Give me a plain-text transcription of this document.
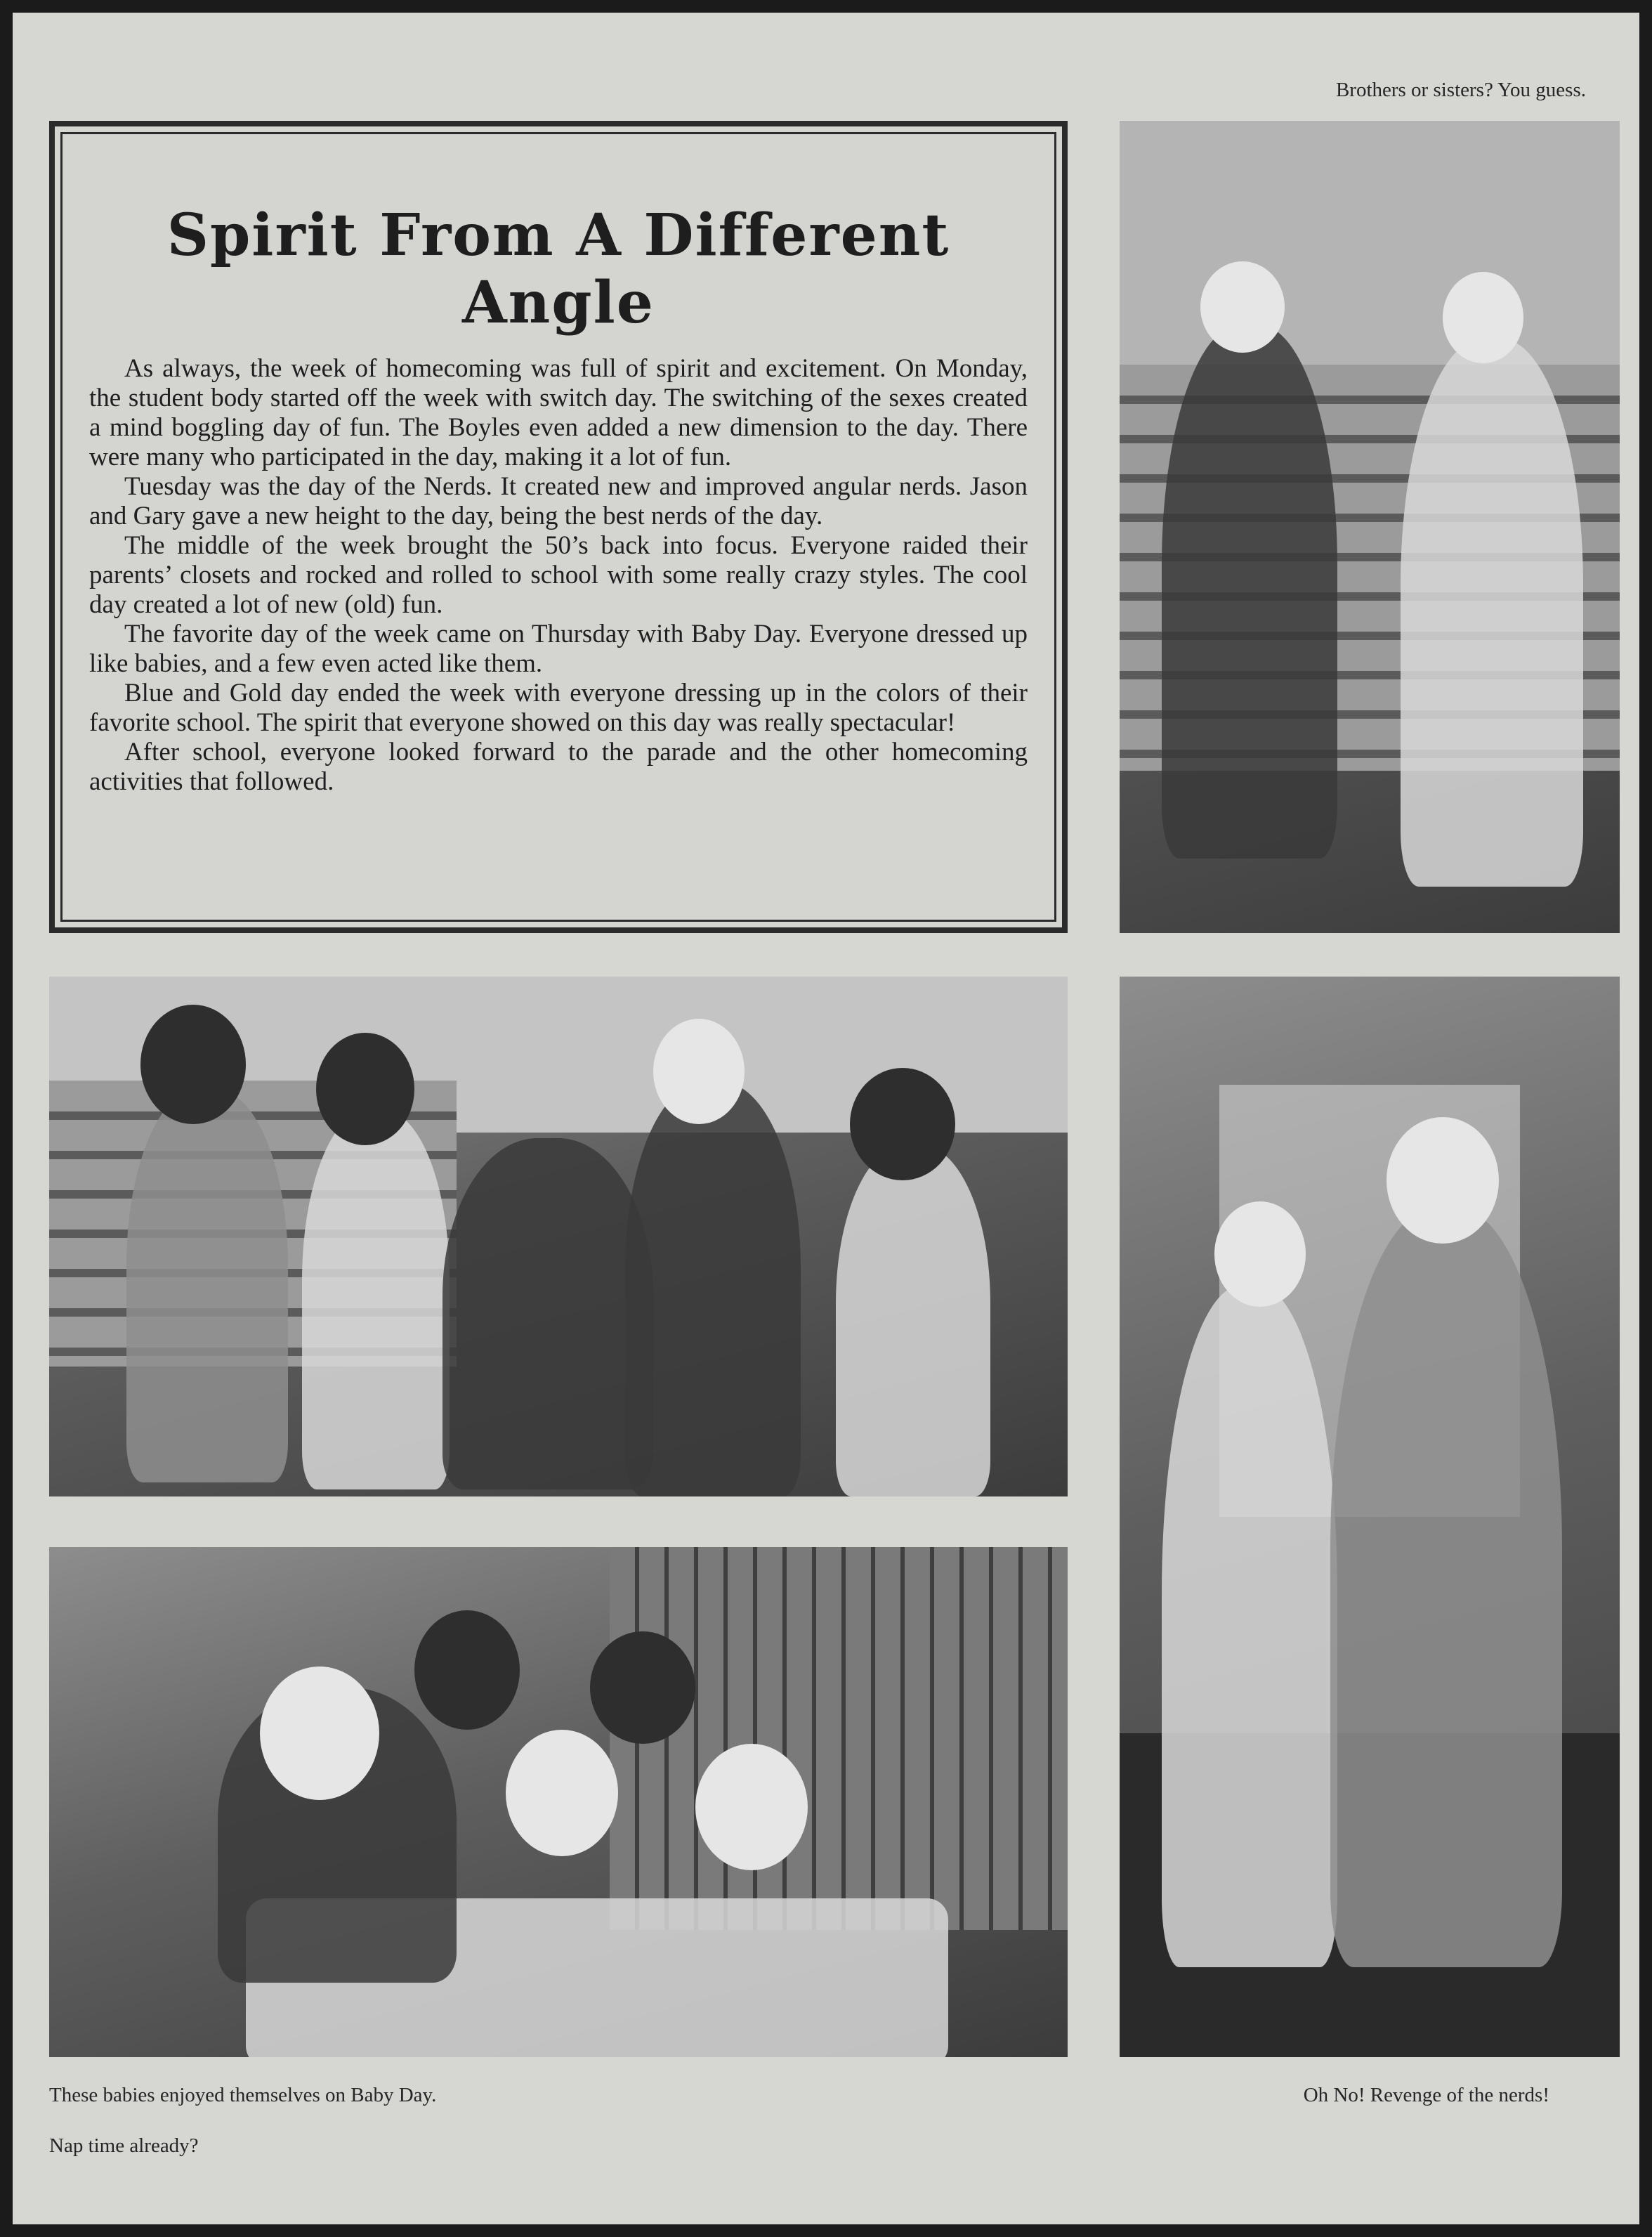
Brothers or sisters? You guess.
Spirit From A Different Angle

As always, the week of homecoming was full of spirit and excitement. On Monday, the student body started off the week with switch day. The switching of the sexes created a mind boggling day of fun. The Boyles even added a new dimension to the day. There were many who participated in the day, making it a lot of fun.

Tuesday was the day of the Nerds. It created new and improved angular nerds. Jason and Gary gave a new height to the day, being the best nerds of the day.

The middle of the week brought the 50’s back into focus. Everyone raided their parents’ closets and rocked and rolled to school with some really crazy styles. The cool day created a lot of new (old) fun.

The favorite day of the week came on Thursday with Baby Day. Everyone dressed up like babies, and a few even acted like them.

Blue and Gold day ended the week with everyone dressing up in the colors of their favorite school. The spirit that everyone showed on this day was really spectacular!

After school, everyone looked forward to the parade and the other homecoming activities that followed.

These babies enjoyed themselves on Baby Day.	Oh No! Revenge of the nerds!
Nap time already?
